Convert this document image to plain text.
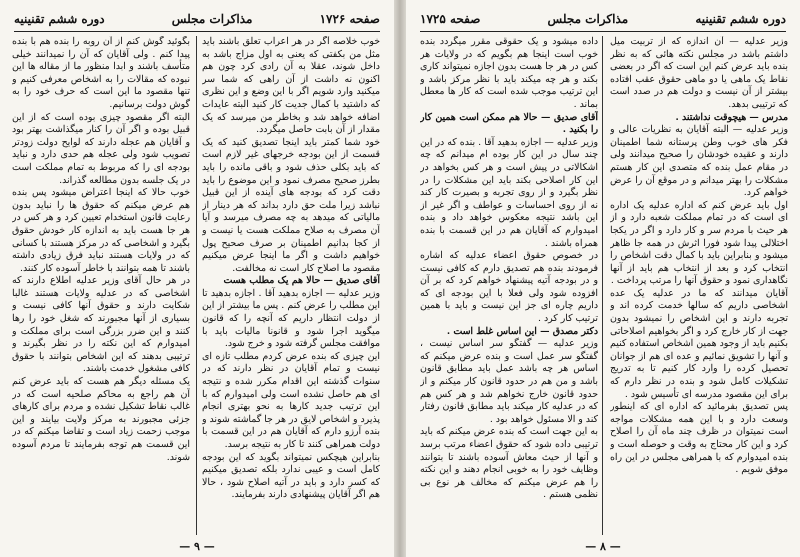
صفحه ۱۷۲۶
مذاکرات مجلس
دوره ششم تقنینیه

خوب خلاصه آگر در هر اعراب تعلق باشند باید مثل من بکفتی که یعنی به اول مزاج باشد به داخل شوند، عقلا به آن رادی کرد چون هم اکنون نه داشت از آن راهی که شما سر میکنید وارد شویم اگر با این وضع و این نظری که داشتید با کمال جدیت کار کنید البته عایدات اضافه خواهد شد و بخاطر من میرسد که یک مقدار از آن بابت حاصل میگردد.

خود شما کمتر باید اینجا تصدیق کنید که یک قسمت از این بودجه خرجهای غیر لازم است که باید بکلی حذف شود و باقی مانده را باید بطرز صحیح مصرف نمود و این موضوع را باید دقت کرد که بودجه های آینده از این قبیل نباشد زیرا ملت حق دارد بداند که هر دینار از مالیاتی که میدهد به چه مصرف میرسد و آیا آن مصرف به صلاح مملکت هست یا نیست و از کجا بدانیم اطمینان بر صرف صحیح پول خواهیم داشت و اگر ما اینجا عرض میکنیم مقصود ما اصلاح کار است نه مخالفت.

آقای صدیق — حالا هم یک مطلب هست

وزیر عدلیه — اجازه بدهید آقا . اجازه بدهید تا این مطلب را عرض کنم . پس ما بیشتر از این از دولت انتظار داریم که آنچه را که قانون میگوید اجرا شود و قانونا مالیات باید با موافقت مجلس گرفته شود و خرج شود.

این چیزی که بنده عرض کردم مطلب تازه ای نیست و تمام آقایان در نظر دارند که در سنوات گذشته این اقدام مکرر شده و نتیجه ای هم حاصل نشده است ولی امیدوارم که با این ترتیب جدید کارها به نحو بهتری انجام پذیرد و اشخاص لایق در هر جا گماشته شوند و بنده آرزو دارم که آقایان هم در این قسمت با دولت همراهی کنند تا کار به نتیجه برسد.

بنابراین هیچکس نمیتواند بگوید که این بودجه کامل است و عیبی ندارد بلکه تصدیق میکنیم که کسر دارد و باید در آتیه اصلاح شود ، حالا هم اگر آقایان پیشنهادی دارند بفرمایند.

بگوئید گوش کنم از آن روبه را بنده هم با بنده پیدا کنم . ولی آقایان که آن را نمیدانند خیلی متأسف باشند و ابدا منظور ما از مقاله ها این نبوده که مقالات را به اشخاص معرفی کنیم و تنها مقصود ما این است که حرف خود را به گوش دولت برسانیم.

البته اگر مقصود چیزی بوده است که از این قبیل بوده و اگر آن را کنار میگذاشت بهتر بود و آقایان هم عجله دارند که لوایح دولت زودتر تصویب شود ولی عجله هم حدی دارد و نباید بودجه ای را که مربوط به تمام مملکت است در یک جلسه بدون مطالعه گذراند.

خوب حالا که اینجا اعتراض میشود پس بنده هم عرض میکنم که حقوق ها را نباید بدون رعایت قانون استخدام تعیین کرد و هر کس در هر جا هست باید به اندازه کار خودش حقوق بگیرد و اشخاصی که در مرکز هستند با کسانی که در ولایات هستند نباید فرق زیادی داشته باشند تا همه بتوانند با خاطر آسوده کار کنند.

در هر حال آقای وزیر عدلیه اطلاع دارند که اشخاصی که در عدلیه ولایات هستند غالبا شکایت دارند و حقوق آنها کافی نیست و بسیاری از آنها مجبورند که شغل خود را رها کنند و این ضرر بزرگی است برای مملکت و امیدوارم که این نکته را در نظر بگیرند و ترتیبی بدهند که این اشخاص بتوانند با حقوق کافی مشغول خدمت باشند.

یک مسئله دیگر هم هست که باید عرض کنم آن هم راجع به محاکم صلحیه است که در غالب نقاط تشکیل نشده و مردم برای کارهای جزئی مجبورند به مرکز ولایت بیایند و این موجب زحمت زیاد است و تقاضا میکنم که در این قسمت هم توجه بفرمایند تا مردم آسوده شوند.

— ۹ —
دوره ششم تقنینیه
مذاکرات مجلس
صفحه ۱۷۲۵

وزیر عدلیه — آن اندازه که از تربیت میل داشتم باشد در مجلس نکته هائی که به نظر بنده باید عرض کنم این است که اگر در بعضی نقاط یک ماهی یا دو ماهی حقوق عقب افتاده بیشتر از آن نیست و دولت هم در صدد است که ترتیبی بدهد.

مدرس — هیچوقت نداشتند .

وزیر عدلیه — البته آقایان به نظریات عالی و فکر های خوب وطن پرستانه شما اطمینان دارند و عقیده خودشان را صحیح میدانند ولی در مقام عمل بنده که متصدی این کار هستم مشکلات را بهتر میدانم و در موقع آن را عرض خواهم کرد.

اول باید عرض کنم که اداره عدلیه یک اداره ای است که در تمام مملکت شعبه دارد و از هر حیث با مردم سر و کار دارد و اگر در یکجا اختلالی پیدا شود فورا اثرش در همه جا ظاهر میشود و بنابراین باید با کمال دقت اشخاص را انتخاب کرد و بعد از انتخاب هم باید از آنها نگاهداری نمود و حقوق آنها را مرتب پرداخت .

آقایان میدانند که ما در عدلیه یک عده اشخاصی داریم که سالها خدمت کرده اند و تجربه دارند و این اشخاص را نمیشود بدون جهت از کار خارج کرد و اگر بخواهیم اصلاحاتی بکنیم باید از وجود همین اشخاص استفاده کنیم و آنها را تشویق نمائیم و عده ای هم از جوانان تحصیل کرده را وارد کار کنیم تا به تدریج تشکیلات کامل شود و بنده در نظر دارم که برای این مقصود مدرسه ای تأسیس شود .

پس تصدیق بفرمائید که اداره ای که اینطور وسعت دارد و با این همه مشکلات مواجه است نمیتوان در ظرف چند ماه آن را اصلاح کرد و این کار محتاج به وقت و حوصله است و بنده امیدوارم که با همراهی مجلس در این راه موفق شویم .

داده میشود و یک حقوقی مقرر میگردد بنده خوب است اینجا هم بگویم که در ولایات هر کس در هر جا هست بدون اجازه نمیتواند کاری بکند و هر چه میکند باید با نظر مرکز باشد و این ترتیب موجب شده است که کار ها معطل بماند .

آقای صدیق — حالا هم ممکن است همین کار را بکنید .

وزیر عدلیه — اجازه بدهید آقا . بنده که در این چند سال در این کار بوده ام میدانم که چه اشکالاتی در پیش است و هر کس بخواهد در این کار اصلاحی بکند باید این مشکلات را در نظر بگیرد و از روی تجربه و بصیرت کار کند نه از روی احساسات و عواطف و اگر غیر از این باشد نتیجه معکوس خواهد داد و بنده امیدوارم که آقایان هم در این قسمت با بنده همراه باشند .

در خصوص حقوق اعضاء عدلیه که اشاره فرمودند بنده هم تصدیق دارم که کافی نیست و در بودجه آتیه پیشنهاد خواهم کرد که بر آن افزوده شود ولی فعلا با این بودجه ای که داریم چاره ای جز این نیست و باید با همین ترتیب کار کرد .

دکتر مصدق — این اساس غلط است .

وزیر عدلیه — گفتگو سر اساس نیست ، گفتگو سر عمل است و بنده عرض میکنم که اساس هر چه باشد عمل باید مطابق قانون باشد و من هم در حدود قانون کار میکنم و از حدود قانون خارج نخواهم شد و هر کس هم که در عدلیه کار میکند باید مطابق قانون رفتار کند و الا مسئول خواهد بود .

به این جهت است که بنده عرض میکنم که باید ترتیبی داده شود که حقوق اعضاء مرتب برسد و آنها از حیث معاش آسوده باشند تا بتوانند وظایف خود را به خوبی انجام دهند و این نکته را هم عرض میکنم که مخالف هر نوع بی نظمی هستم .

— ۸ —
